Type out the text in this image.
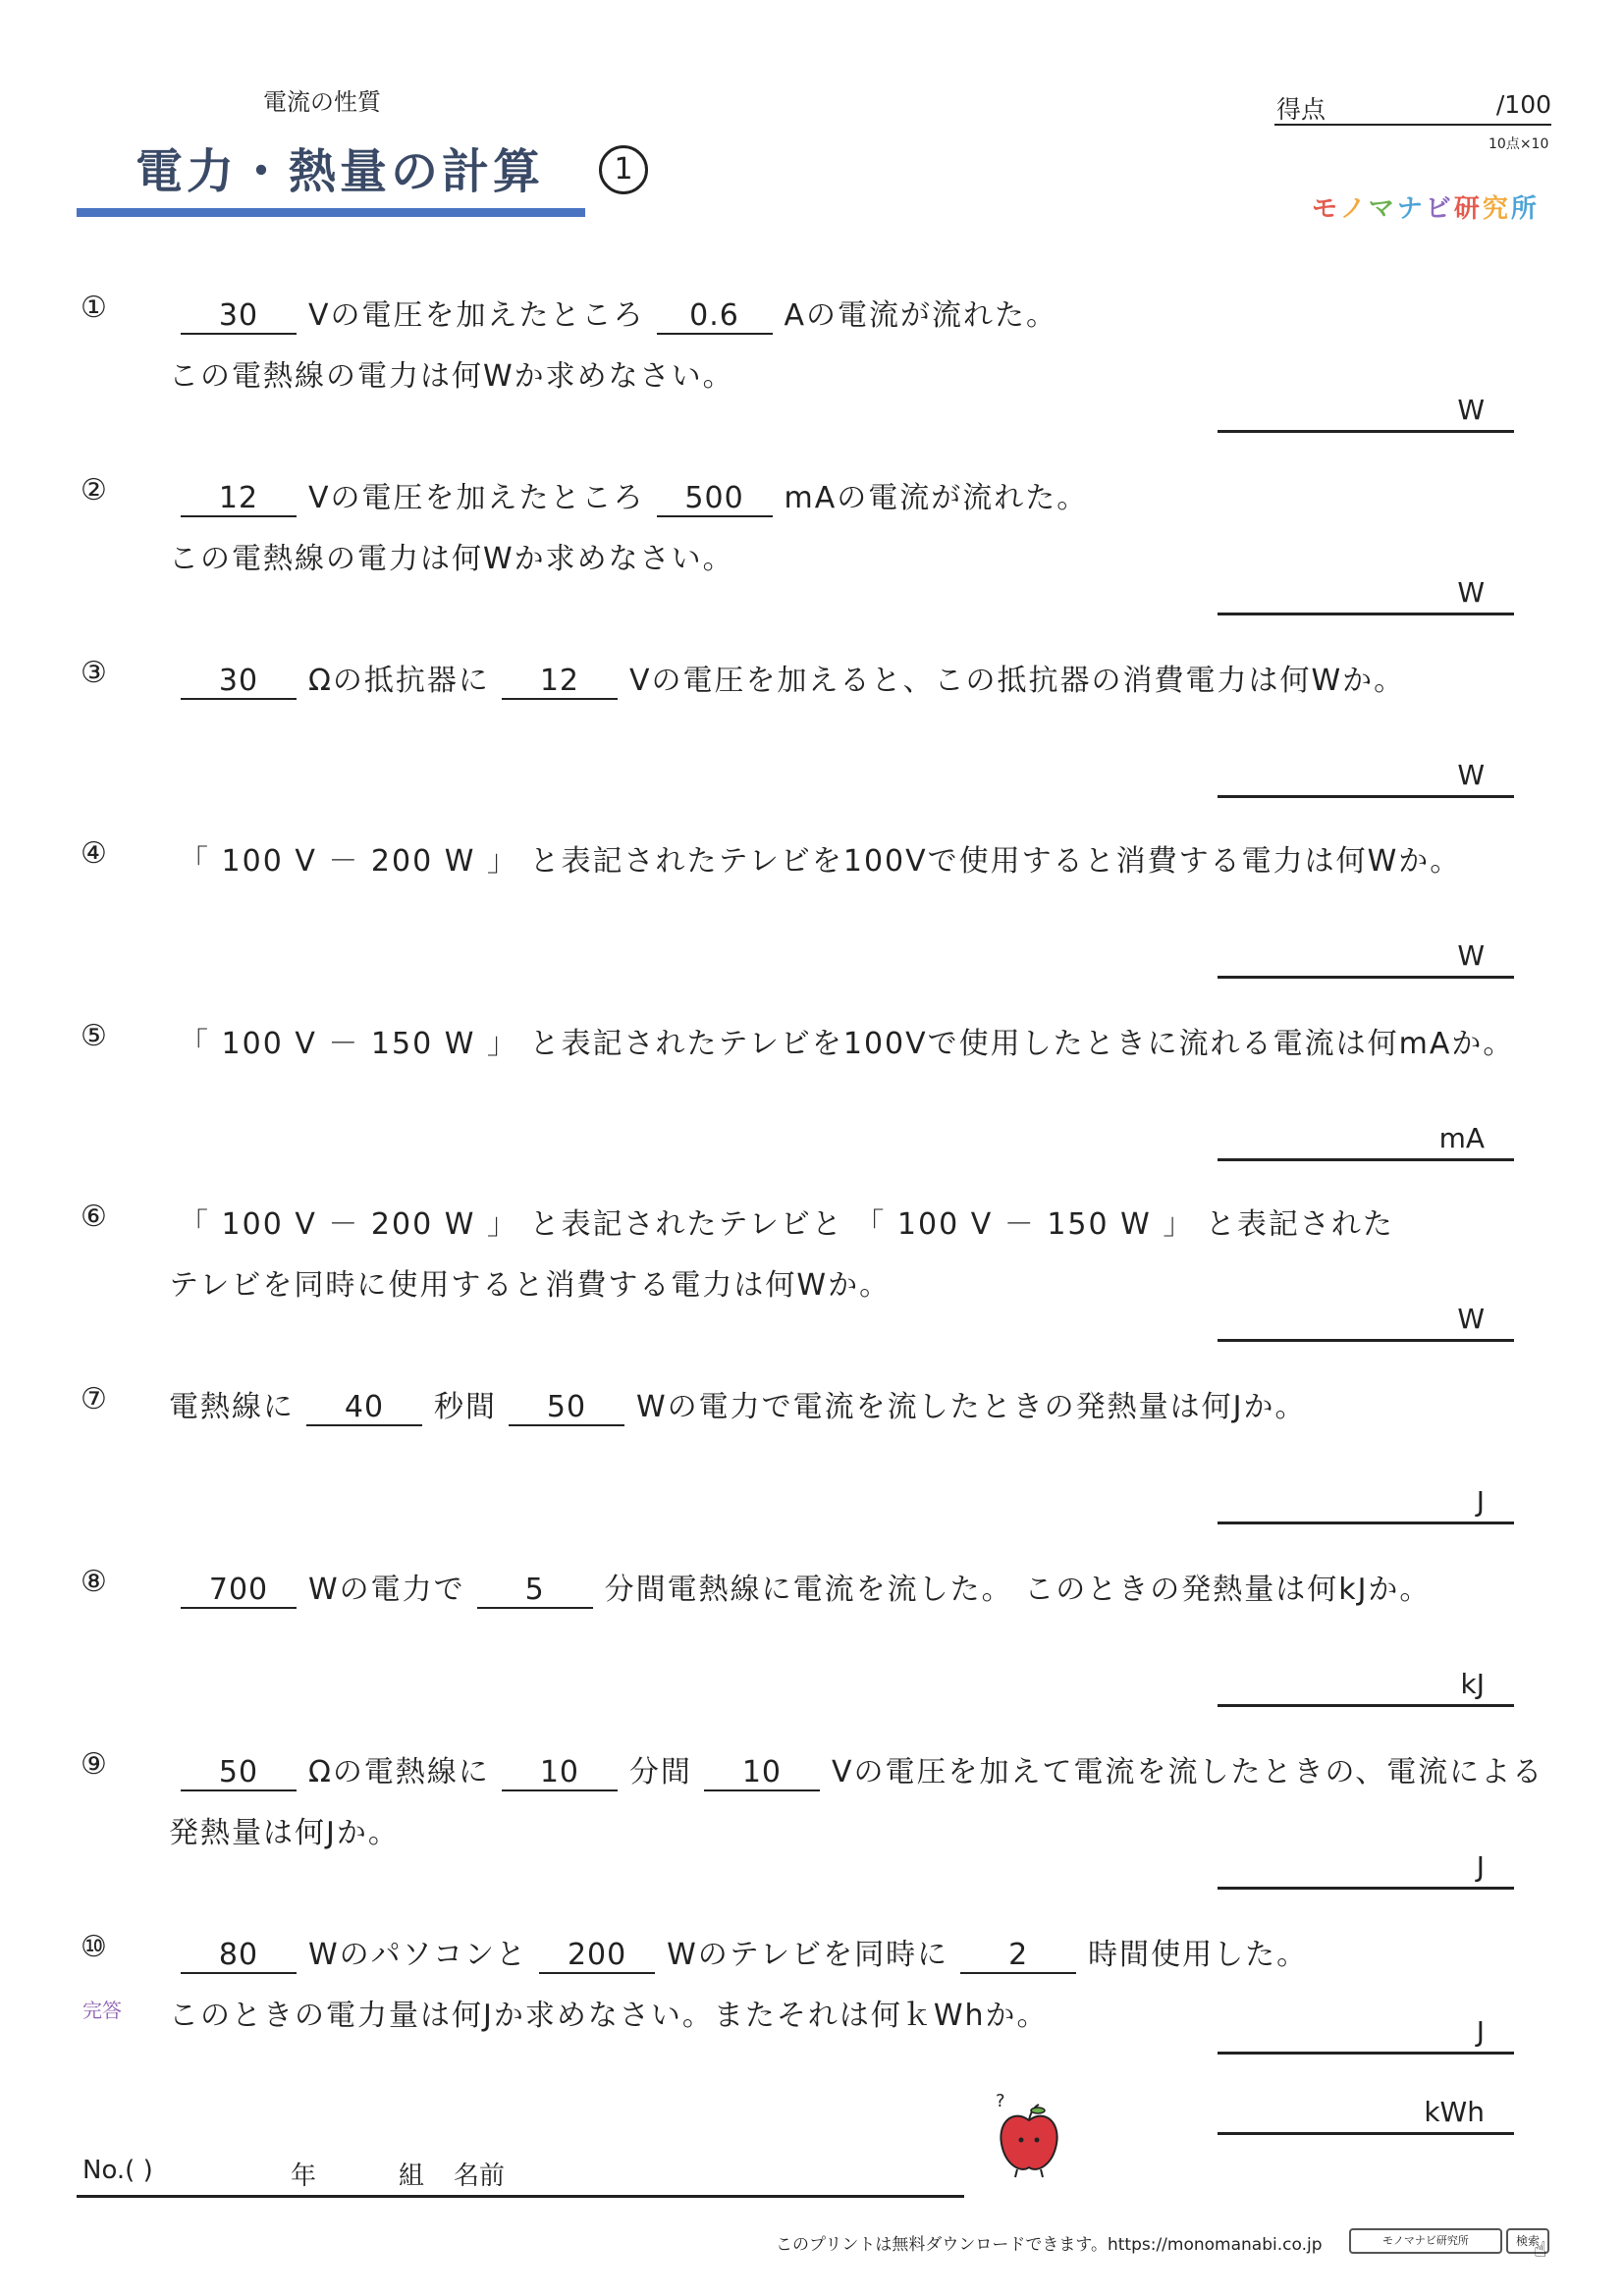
電流の性質
電力・熱量の計算	1
得点	/100
10点×10
モノマナビ研究所
①	30 Vの電圧を加えたところ 0.6 Aの電流が流れた。
この電熱線の電力は何Wか求めなさい。
W
②	12 Vの電圧を加えたところ 500 mAの電流が流れた。
この電熱線の電力は何Wか求めなさい。
W
③	30 Ωの抵抗器に 12 Vの電圧を加えると、この抵抗器の消費電力は何Wか。
W
④ 「 100 V － 200 W 」 と表記されたテレビを100Vで使用すると消費する電力は何Wか。
W
⑤ 「 100 V － 150 W 」 と表記されたテレビを100Vで使用したときに流れる電流は何mAか。
mA
⑥ 「 100 V － 200 W 」 と表記されたテレビと 「 100 V － 150 W 」 と表記された
テレビを同時に使用すると消費する電力は何Wか。
W
⑦ 電熱線に 40 秒間 50 Wの電力で電流を流したときの発熱量は何Jか。
J
⑧	700 Wの電力で 5 分間電熱線に電流を流した。 このときの発熱量は何kJか。
kJ
⑨	50 Ωの電熱線に 10 分間 10 Vの電圧を加えて電流を流したときの、電流による
発熱量は何Jか。
J
⑩	80 Wのパソコンと 200 Wのテレビを同時に 2 時間使用した。
このときの電力量は何Jか求めなさい。またそれは何ｋWhか。
完答
J
kWh
No.( )	年	組 名前
?
このプリントは無料ダウンロードできます。https://monomanabi.co.jp	モノマナビ研究所	検索
☝
